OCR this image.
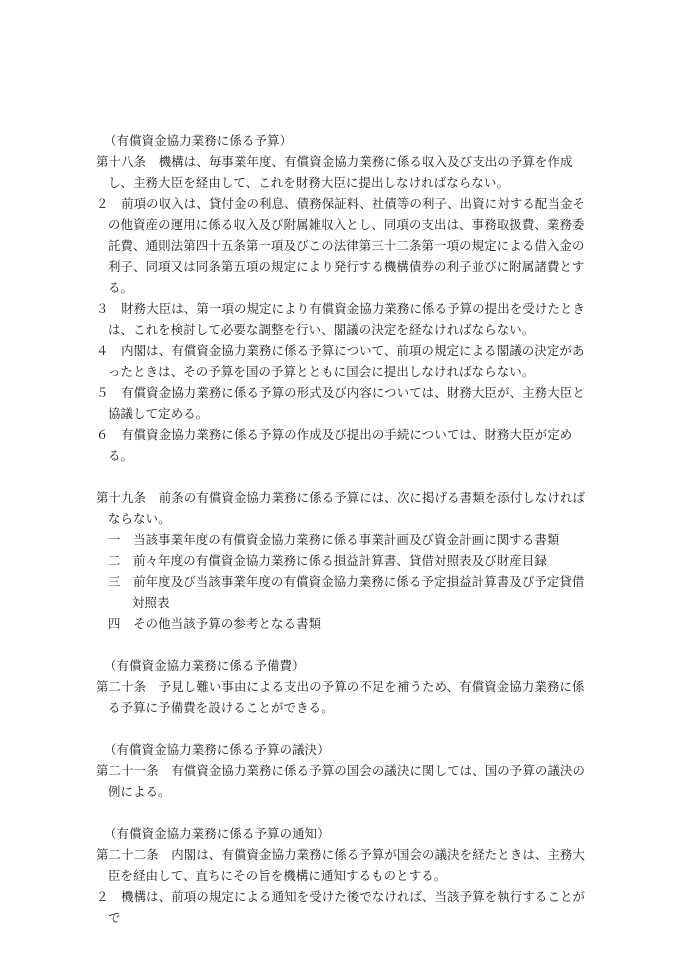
（有償資金協力業務に係る予算）
第十八条　機構は、毎事業年度、有償資金協力業務に係る収入及び支出の予算を作成し、主務大臣を経由して、これを財務大臣に提出しなければならない。
２　前項の収入は、貸付金の利息、債務保証料、社債等の利子、出資に対する配当金その他資産の運用に係る収入及び附属雑収入とし、同項の支出は、事務取扱費、業務委託費、通則法第四十五条第一項及びこの法律第三十二条第一項の規定による借入金の利子、同項又は同条第五項の規定により発行する機構債券の利子並びに附属諸費とする。
３　財務大臣は、第一項の規定により有償資金協力業務に係る予算の提出を受けたときは、これを検討して必要な調整を行い、閣議の決定を経なければならない。
４　内閣は、有償資金協力業務に係る予算について、前項の規定による閣議の決定があったときは、その予算を国の予算とともに国会に提出しなければならない。
５　有償資金協力業務に係る予算の形式及び内容については、財務大臣が、主務大臣と協議して定める。
６　有償資金協力業務に係る予算の作成及び提出の手続については、財務大臣が定める。
第十九条　前条の有償資金協力業務に係る予算には、次に掲げる書類を添付しなければならない。
一　当該事業年度の有償資金協力業務に係る事業計画及び資金計画に関する書類
二　前々年度の有償資金協力業務に係る損益計算書、貸借対照表及び財産目録
三　前年度及び当該事業年度の有償資金協力業務に係る予定損益計算書及び予定貸借対照表
四　その他当該予算の参考となる書類
（有償資金協力業務に係る予備費）
第二十条　予見し難い事由による支出の予算の不足を補うため、有償資金協力業務に係る予算に予備費を設けることができる。
（有償資金協力業務に係る予算の議決）
第二十一条　有償資金協力業務に係る予算の国会の議決に関しては、国の予算の議決の例による。
（有償資金協力業務に係る予算の通知）
第二十二条　内閣は、有償資金協力業務に係る予算が国会の議決を経たときは、主務大臣を経由して、直ちにその旨を機構に通知するものとする。
２　機構は、前項の規定による通知を受けた後でなければ、当該予算を執行することがで
